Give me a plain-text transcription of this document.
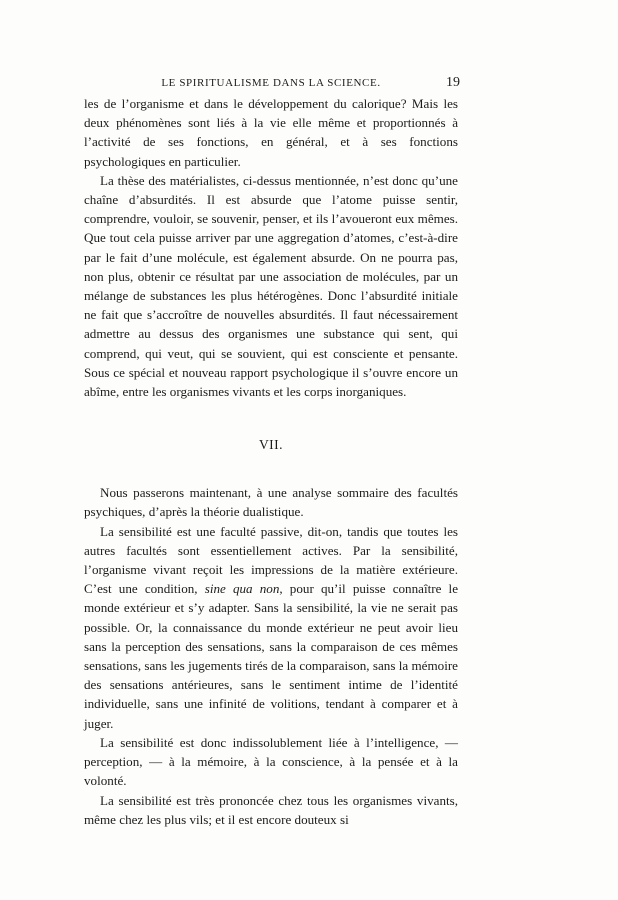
LE SPIRITUALISME DANS LA SCIENCE.	19

les de l’organisme et dans le développement du calorique? Mais les deux phénomènes sont liés à la vie elle même et proportionnés à l’activité de ses fonctions, en général, et à ses fonctions psychologiques en particulier.

La thèse des matérialistes, ci-dessus mentionnée, n’est donc qu’une chaîne d’absurdités. Il est absurde que l’atome puisse sentir, comprendre, vouloir, se souvenir, penser, et ils l’avoueront eux mêmes. Que tout cela puisse arriver par une aggregation d’atomes, c’est-à-dire par le fait d’une molécule, est également absurde. On ne pourra pas, non plus, obtenir ce résultat par une association de molécules, par un mélange de substances les plus hétérogènes. Donc l’absurdité initiale ne fait que s’accroître de nouvelles absurdités. Il faut nécessairement admettre au dessus des organismes une substance qui sent, qui comprend, qui veut, qui se souvient, qui est consciente et pensante. Sous ce spécial et nouveau rapport psychologique il s’ouvre encore un abîme, entre les organismes vivants et les corps inorganiques.

VII.

Nous passerons maintenant, à une analyse sommaire des facultés psychiques, d’après la théorie dualistique.

La sensibilité est une faculté passive, dit-on, tandis que toutes les autres facultés sont essentiellement actives. Par la sensibilité, l’organisme vivant reçoit les impressions de la matière extérieure. C’est une condition, sine qua non, pour qu’il puisse connaître le monde extérieur et s’y adapter. Sans la sensibilité, la vie ne serait pas possible. Or, la connaissance du monde extérieur ne peut avoir lieu sans la perception des sensations, sans la comparaison de ces mêmes sensations, sans les jugements tirés de la comparaison, sans la mémoire des sensations antérieures, sans le sentiment intime de l’identité individuelle, sans une infinité de volitions, tendant à comparer et à juger.

La sensibilité est donc indissolublement liée à l’intelligence, — perception, — à la mémoire, à la conscience, à la pensée et à la volonté.

La sensibilité est très prononcée chez tous les organismes vivants, même chez les plus vils; et il est encore douteux si
